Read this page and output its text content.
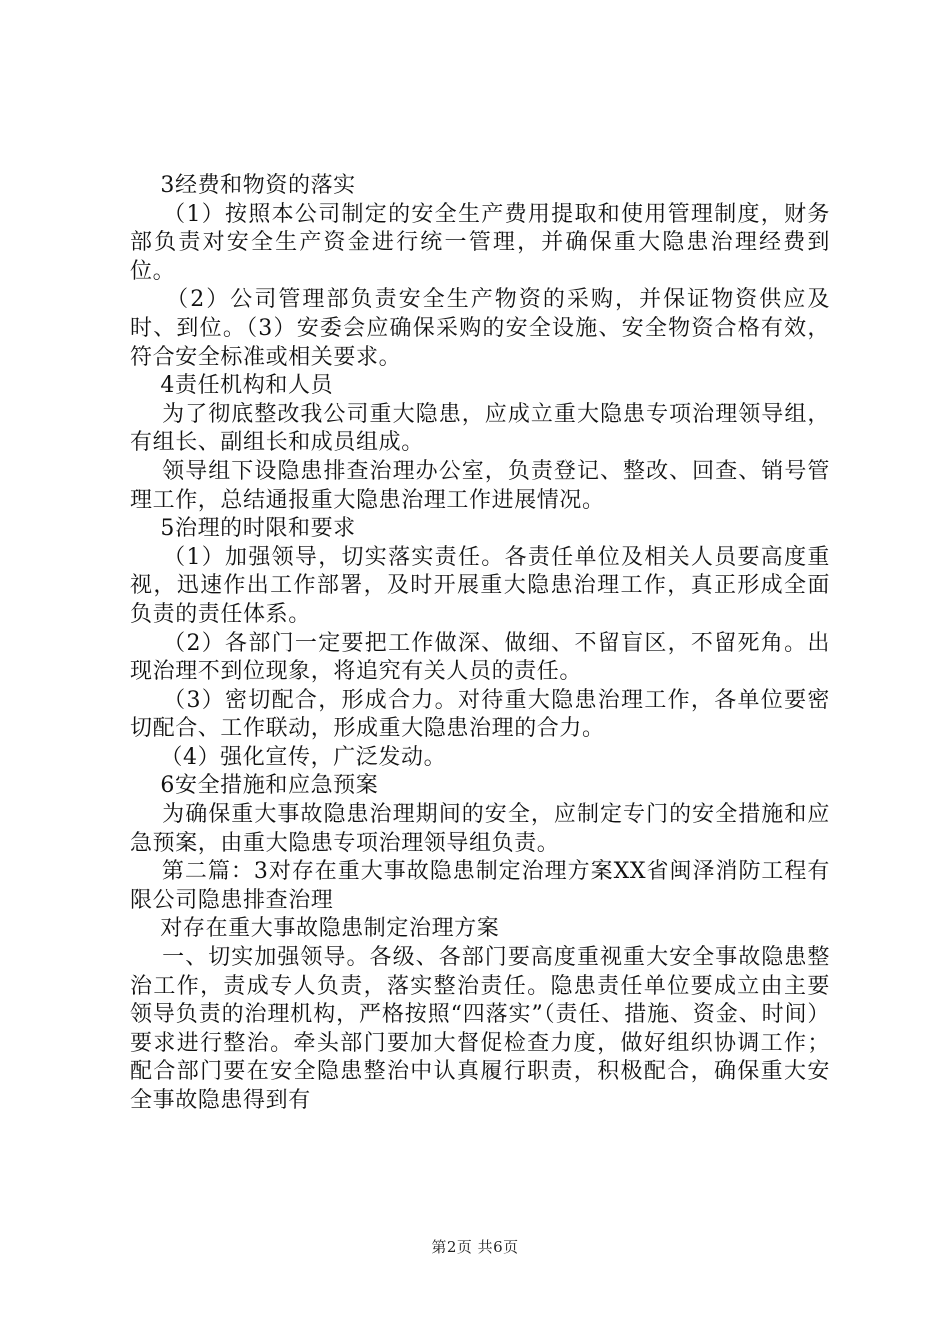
3经费和物资的落实

（1）按照本公司制定的安全生产费用提取和使用管理制度，财务部负责对安全生产资金进行统一管理，并确保重大隐患治理经费到位。

（2）公司管理部负责安全生产物资的采购，并保证物资供应及时、到位。（3）安委会应确保采购的安全设施、安全物资合格有效，符合安全标准或相关要求。

4责任机构和人员

为了彻底整改我公司重大隐患，应成立重大隐患专项治理领导组，有组长、副组长和成员组成。

领导组下设隐患排查治理办公室，负责登记、整改、回查、销号管理工作，总结通报重大隐患治理工作进展情况。

5治理的时限和要求

（1）加强领导，切实落实责任。各责任单位及相关人员要高度重视，迅速作出工作部署，及时开展重大隐患治理工作，真正形成全面负责的责任体系。

（2）各部门一定要把工作做深、做细、不留盲区，不留死角。出现治理不到位现象，将追究有关人员的责任。

（3）密切配合，形成合力。对待重大隐患治理工作，各单位要密切配合、工作联动，形成重大隐患治理的合力。

（4）强化宣传，广泛发动。

6安全措施和应急预案

为确保重大事故隐患治理期间的安全，应制定专门的安全措施和应急预案，由重大隐患专项治理领导组负责。

第二篇：3对存在重大事故隐患制定治理方案XX省闽泽消防工程有限公司隐患排查治理

对存在重大事故隐患制定治理方案

一、切实加强领导。各级、各部门要高度重视重大安全事故隐患整治工作，责成专人负责，落实整治责任。隐患责任单位要成立由主要领导负责的治理机构，严格按照“四落实”（责任、措施、资金、时间）要求进行整治。牵头部门要加大督促检查力度，做好组织协调工作；配合部门要在安全隐患整治中认真履行职责，积极配合，确保重大安全事故隐患得到有

第2页 共6页
